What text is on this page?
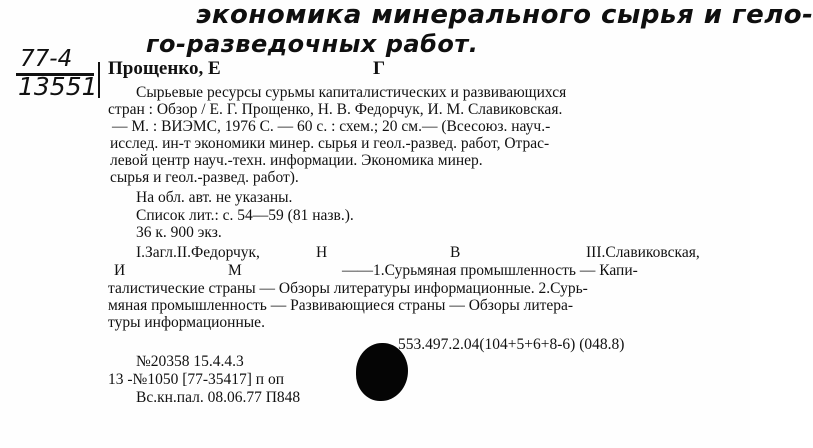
экономика минерального сырья и гело-
го-разведочных работ.
77-4
13551
Прощенко, Е	Г
Сырьевые ресурсы сурьмы капиталистических и развивающихся
стран : Обзор / Е. Г. Прощенко, Н. В. Федорчук, И. М. Славиковская.
— М. : ВИЭМС, 1976 С. — 60 с. : схем.; 20 см.— (Всесоюз. науч.-
исслед. ин-т экономики минер. сырья и геол.-развед. работ, Отрас-
левой центр науч.-техн. информации. Экономика минер.
сырья и геол.-развед. работ).
На обл. авт. не указаны.
Список лит.: с. 54—59 (81 назв.).
36 к. 900 экз.
I.Загл.II.Федорчук,	Н	В	III.Славиковская,
И	М	——1.Сурьмяная промышленность — Капи-
талистические страны — Обзоры литературы информационные. 2.Сурь-
мяная промышленность — Развивающиеся страны — Обзоры литера-
туры информационные.
553.497.2.04(104+5+6+8-6) (048.8)
№20358 15.4.4.3
13 -№1050 [77-35417] п оп
Вс.кн.пал. 08.06.77 П848
